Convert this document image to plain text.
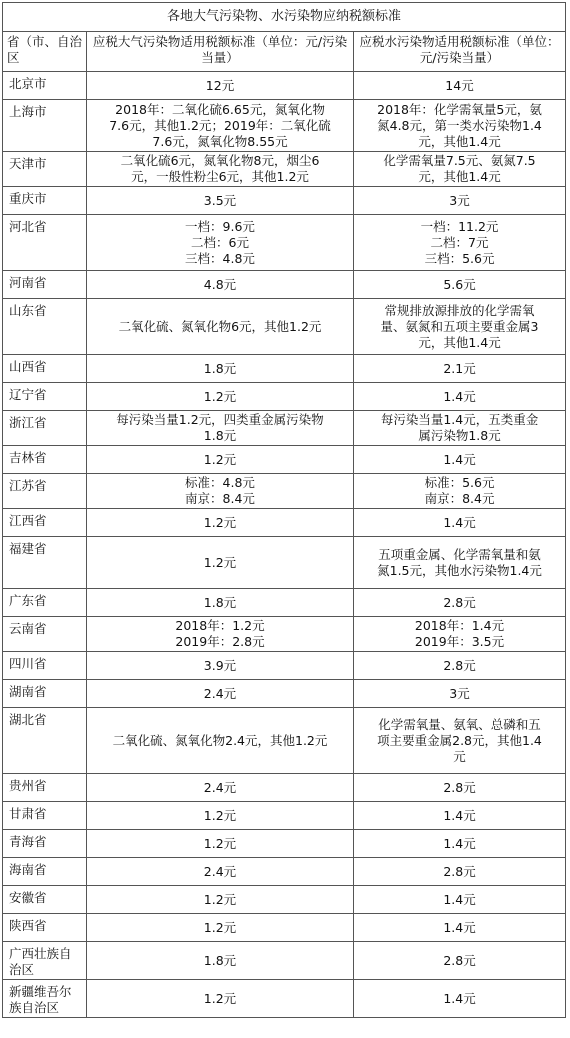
各地大气污染物、水污染物应纳税额标准		
省（市、自治区	应税大气污染物适用税额标准（单位：元/污染当量）	应税水污染物适用税额标准（单位：元/污染当量）
北京市	12元	14元

上海市	2018年：二氧化硫6.65元，氮氧化物
7.6元，其他1.2元；2019年：二氧化硫
7.6元，氮氧化物8.55元	2018年：化学需氧量5元，氨
氮4.8元，第一类水污染物1.4
元，其他1.4元

天津市	二氧化硫6元，氮氧化物8元，烟尘6
元，一般性粉尘6元，其他1.2元	化学需氧量7.5元、氨氮7.5
元，其他1.4元

重庆市	3.5元	3元

河北省	一档：9.6元
二档：6元
三档：4.8元	一档：11.2元
二档：7元
三档：5.6元

河南省	4.8元	5.6元

山东省	二氧化硫、氮氧化物6元，其他1.2元	常规排放源排放的化学需氧
量、氨氮和五项主要重金属3
元，其他1.4元

山西省	1.8元	2.1元

辽宁省	1.2元	1.4元

浙江省	每污染当量1.2元，四类重金属污染物
1.8元	每污染当量1.4元，五类重金
属污染物1.8元

吉林省	1.2元	1.4元

江苏省	标准：4.8元
南京：8.4元	标准：5.6元
南京：8.4元

江西省	1.2元	1.4元

福建省	1.2元	五项重金属、化学需氧量和氨
氮1.5元，其他水污染物1.4元

广东省	1.8元	2.8元

云南省	2018年：1.2元
2019年：2.8元	2018年：1.4元
2019年：3.5元

四川省	3.9元	2.8元

湖南省	2.4元	3元

湖北省	二氧化硫、氮氧化物2.4元，其他1.2元	化学需氧量、氨氧、总磷和五
项主要重金属2.8元，其他1.4
元

贵州省	2.4元	2.8元

甘肃省	1.2元	1.4元

青海省	1.2元	1.4元

海南省	2.4元	2.8元

安徽省	1.2元	1.4元

陕西省	1.2元	1.4元

广西壮族自治区	1.8元	2.8元

新疆维吾尔族自治区	1.2元	1.4元
